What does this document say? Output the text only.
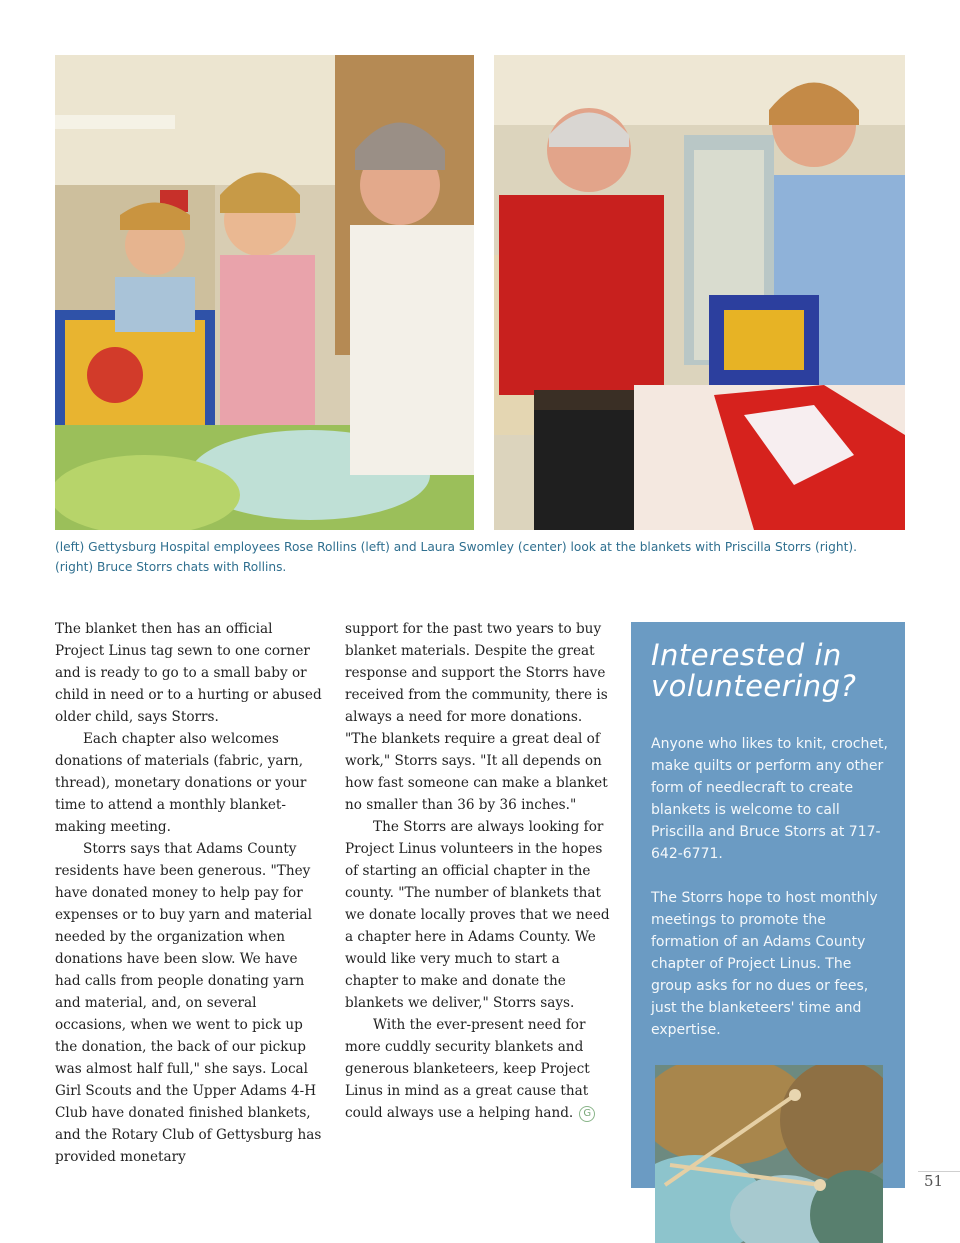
(left) Gettysburg Hospital employees Rose Rollins (left) and Laura Swomley (center) look at the blankets with Priscilla Storrs (right).

(right) Bruce Storrs chats with Rollins.

The blanket then has an official Project Linus tag sewn to one corner and is ready to go to a small baby or child in need or to a hurting or abused older child, says Storrs.

Each chapter also welcomes donations of materials (fabric, yarn, thread), monetary donations or your time to attend a monthly blanket-making meeting.

Storrs says that Adams County residents have been generous. "They have donated money to help pay for expenses or to buy yarn and material needed by the organization when donations have been slow. We have had calls from people donating yarn and material, and, on several occasions, when we went to pick up the donation, the back of our pickup was almost half full," she says. Local Girl Scouts and the Upper Adams 4-H Club have donated finished blankets, and the Rotary Club of Gettysburg has provided monetary

support for the past two years to buy blanket materials. Despite the great response and support the Storrs have received from the community, there is always a need for more donations. "The blankets require a great deal of work," Storrs says. "It all depends on how fast someone can make a blanket no smaller than 36 by 36 inches."

The Storrs are always looking for Project Linus volunteers in the hopes of starting an official chapter in the county. "The number of blankets that we donate locally proves that we need a chapter here in Adams County. We would like very much to start a chapter to make and donate the blankets we deliver," Storrs says.

With the ever-present need for more cuddly security blankets and generous blanketeers, keep Project Linus in mind as a great cause that could always use a helping hand. G

Interested in volunteering?

Anyone who likes to knit, crochet, make quilts or perform any other form of needlecraft to create blankets is welcome to call Priscilla and Bruce Storrs at 717-642-6771.

The Storrs hope to host monthly meetings to promote the formation of an Adams County chapter of Project Linus. The group asks for no dues or fees, just the blanketeers' time and expertise.

51
